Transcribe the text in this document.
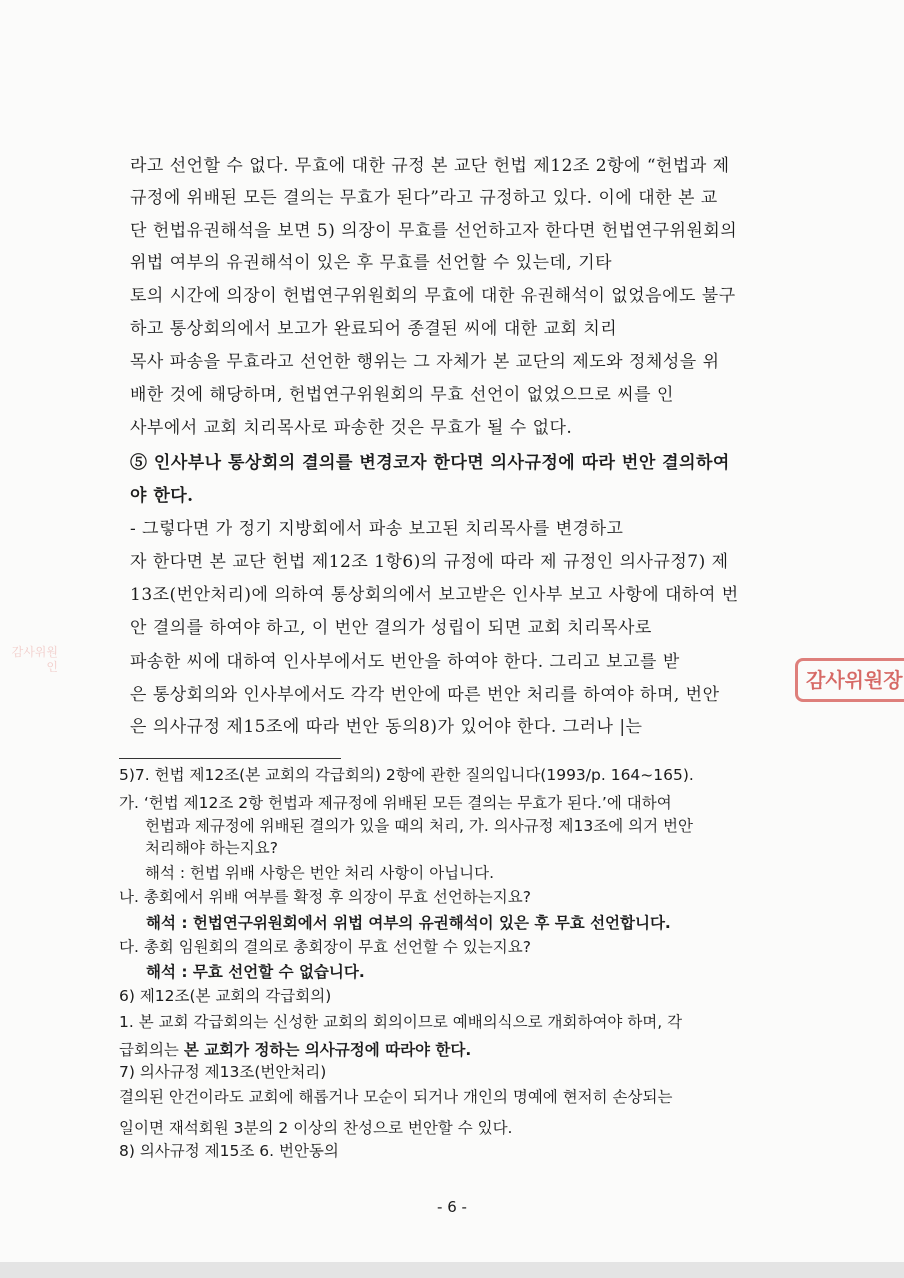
라고 선언할 수 없다. 무효에 대한 규정 본 교단 헌법 제12조 2항에 “헌법과 제
규정에 위배된 모든 결의는 무효가 된다”라고 규정하고 있다. 이에 대한 본 교
단 헌법유권해석을 보면 5) 의장이 무효를 선언하고자 한다면 헌법연구위원회의
위법 여부의 유권해석이 있은 후 무효를 선언할 수 있는데, 기타
토의 시간에 의장이 헌법연구위원회의 무효에 대한 유권해석이 없었음에도 불구
하고 통상회의에서 보고가 완료되어 종결된 씨에 대한 교회 치리
목사 파송을 무효라고 선언한 행위는 그 자체가 본 교단의 제도와 정체성을 위
배한 것에 해당하며, 헌법연구위원회의 무효 선언이 없었으므로 씨를 인
사부에서 교회 치리목사로 파송한 것은 무효가 될 수 없다.
⑤ 인사부나 통상회의 결의를 변경코자 한다면 의사규정에 따라 번안 결의하여
야 한다.
- 그렇다면 가 정기 지방회에서 파송 보고된 치리목사를 변경하고
자 한다면 본 교단 헌법 제12조 1항6)의 규정에 따라 제 규정인 의사규정7) 제
13조(번안처리)에 의하여 통상회의에서 보고받은 인사부 보고 사항에 대하여 번
안 결의를 하여야 하고, 이 번안 결의가 성립이 되면 교회 치리목사로
파송한 씨에 대하여 인사부에서도 번안을 하여야 한다. 그리고 보고를 받
은 통상회의와 인사부에서도 각각 번안에 따른 번안 처리를 하여야 하며, 번안
은 의사규정 제15조에 따라 번안 동의8)가 있어야 한다. 그러나 |는
5)7. 헌법 제12조(본 교회의 각급회의) 2항에 관한 질의입니다(1993/p. 164~165).
가. ‘헌법 제12조 2항 헌법과 제규정에 위배된 모든 결의는 무효가 된다.’에 대하여
헌법과 제규정에 위배된 결의가 있을 때의 처리, 가. 의사규정 제13조에 의거 번안
처리해야 하는지요?
해석 : 헌법 위배 사항은 번안 처리 사항이 아닙니다.
나. 총회에서 위배 여부를 확정 후 의장이 무효 선언하는지요?
해석 : 헌법연구위원회에서 위법 여부의 유권해석이 있은 후 무효 선언합니다.
다. 총회 임원회의 결의로 총회장이 무효 선언할 수 있는지요?
해석 : 무효 선언할 수 없습니다.
6) 제12조(본 교회의 각급회의)
1. 본 교회 각급회의는 신성한 교회의 회의이므로 예배의식으로 개회하여야 하며, 각
급회의는 본 교회가 정하는 의사규정에 따라야 한다.
7) 의사규정 제13조(번안처리)
결의된 안건이라도 교회에 해롭거나 모순이 되거나 개인의 명예에 현저히 손상되는
일이면 재석회원 3분의 2 이상의 찬성으로 번안할 수 있다.
8) 의사규정 제15조 6. 번안동의
- 6 -
감사위원 인
감사위원장
